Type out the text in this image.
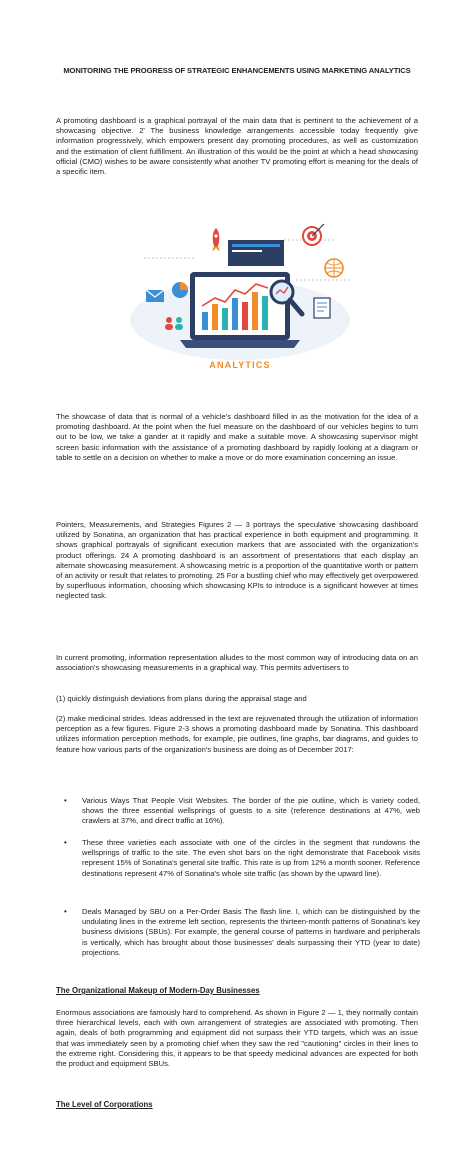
MONITORING THE PROGRESS OF STRATEGIC ENHANCEMENTS USING MARKETING ANALYTICS

A promoting dashboard is a graphical portrayal of the main data that is pertinent to the achievement of a showcasing objective. 2' The business knowledge arrangements accessible today frequently give information progressively, which empowers present day promoting procedures, as well as customization and the estimation of client fulfillment. An illustration of this would be the point at which a head showcasing official (CMO) wishes to be aware consistently what another TV promoting effort is meaning for the deals of a specific item.

ANALYTICS

The showcase of data that is normal of a vehicle's dashboard filled in as the motivation for the idea of a promoting dashboard. At the point when the fuel measure on the dashboard of our vehicles begins to turn out to be low, we take a gander at it rapidly and make a suitable move. A showcasing supervisor might screen basic information with the assistance of a promoting dashboard by rapidly looking at a diagram or table to settle on a decision on whether to make a move or do more examination concerning an issue.

Pointers, Measurements, and Strategies Figures 2 — 3 portrays the speculative showcasing dashboard utilized by Sonatina, an organization that has practical experience in both equipment and programming. It shows graphical portrayals of significant execution markers that are associated with the organization's product offerings. 24 A promoting dashboard is an assortment of presentations that each display an alternate showcasing measurement. A showcasing metric is a proportion of the quantitative worth or pattern of an activity or result that relates to promoting. 25 For a bustling chief who may effectively get overpowered by superfluous information, choosing which showcasing KPIs to introduce is a significant however at times neglected task.

In current promoting, information representation alludes to the most common way of introducing data on an association's showcasing measurements in a graphical way. This permits advertisers to

(1) quickly distinguish deviations from plans during the appraisal stage and

(2) make medicinal strides. Ideas addressed in the text are rejuvenated through the utilization of information perception as a few figures. Figure 2-3 shows a promoting dashboard made by Sonatina. This dashboard utilizes information perception methods, for example, pie outlines, line graphs, bar diagrams, and guides to feature how various parts of the organization's business are doing as of December 2017:

• Various Ways That People Visit Websites. The border of the pie outline, which is variety coded, shows the three essential wellsprings of guests to a site (reference destinations at 47%, web crawlers at 37%, and direct traffic at 16%).
• These three varieties each associate with one of the circles in the segment that rundowns the wellsprings of traffic to the site. The even shot bars on the right demonstrate that Facebook visits represent 15% of Sonatina's general site traffic. This rate is up from 12% a month sooner. Reference destinations represent 47% of Sonatina's whole site traffic (as shown by the upward line).
• Deals Managed by SBU on a Per-Order Basis The flash line. I, which can be distinguished by the undulating lines in the extreme left section, represents the thirteen-month patterns of Sonatina's key business divisions (SBUs). For example, the general course of patterns in hardware and peripherals is vertically, which has brought about those businesses' deals surpassing their YTD (year to date) projections.
The Organizational Makeup of Modern-Day Businesses

Enormous associations are famously hard to comprehend. As shown in Figure 2 — 1, they normally contain three hierarchical levels, each with own arrangement of strategies are associated with promoting. Then again, deals of both programming and equipment did not surpass their YTD targets, which was an issue that was immediately seen by a promoting chief when they saw the red "cautioning" circles in their lines to the extreme right. Considering this, it appears to be that speedy medicinal advances are expected for both the product and equipment SBUs.

The Level of Corporations
